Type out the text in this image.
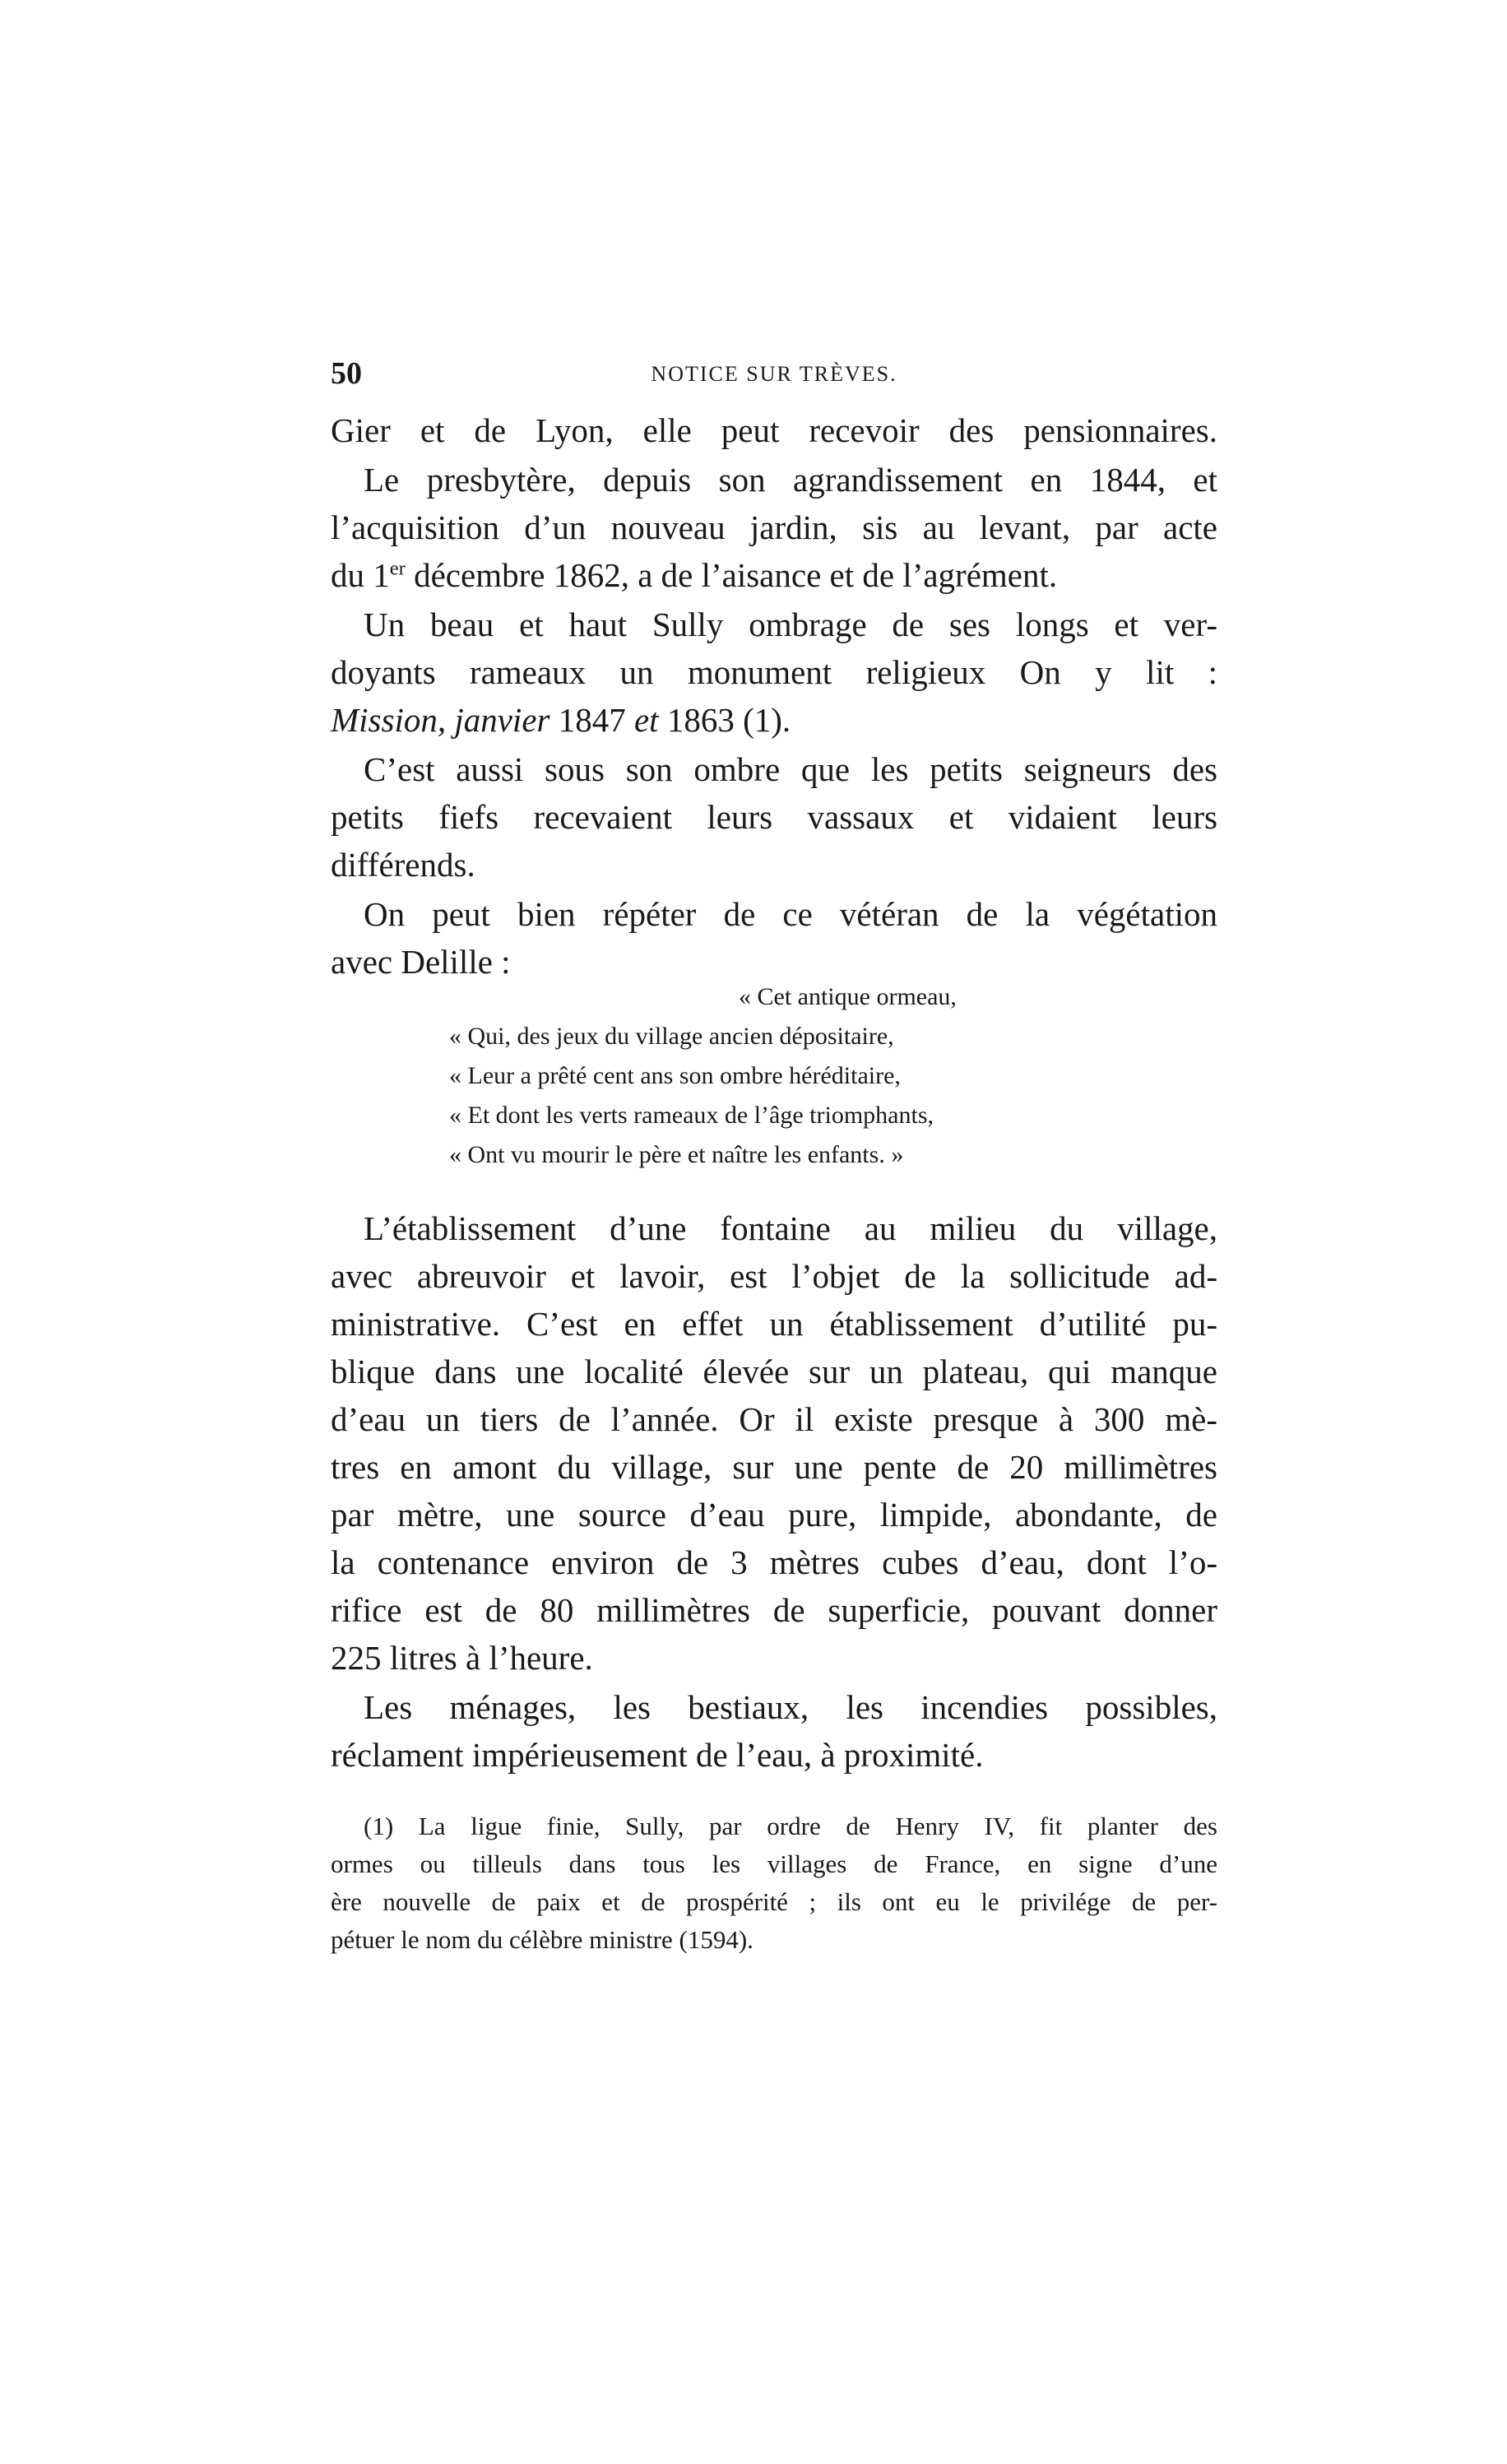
50	NOTICE SUR TRÈVES.
Gier et de Lyon, elle peut recevoir des pensionnaires.
Le presbytère, depuis son agrandissement en 1844, et
l’acquisition d’un nouveau jardin, sis au levant, par acte
du 1er décembre 1862, a de l’aisance et de l’agrément.
Un beau et haut Sully ombrage de ses longs et ver-
doyants rameaux un monument religieux On y lit :
Mission, janvier 1847 et 1863 (1).
C’est aussi sous son ombre que les petits seigneurs des
petits fiefs recevaient leurs vassaux et vidaient leurs
différends.
On peut bien répéter de ce vétéran de la végétation
avec Delille :
« Cet antique ormeau,
« Qui, des jeux du village ancien dépositaire,
« Leur a prêté cent ans son ombre héréditaire,
« Et dont les verts rameaux de l’âge triomphants,
« Ont vu mourir le père et naître les enfants. »
L’établissement d’une fontaine au milieu du village,
avec abreuvoir et lavoir, est l’objet de la sollicitude ad-
ministrative. C’est en effet un établissement d’utilité pu-
blique dans une localité élevée sur un plateau, qui manque
d’eau un tiers de l’année. Or il existe presque à 300 mè-
tres en amont du village, sur une pente de 20 millimètres
par mètre, une source d’eau pure, limpide, abondante, de
la contenance environ de 3 mètres cubes d’eau, dont l’o-
rifice est de 80 millimètres de superficie, pouvant donner
225 litres à l’heure.
Les ménages, les bestiaux, les incendies possibles,
réclament impérieusement de l’eau, à proximité.
(1) La ligue finie, Sully, par ordre de Henry IV, fit planter des
ormes ou tilleuls dans tous les villages de France, en signe d’une
ère nouvelle de paix et de prospérité ; ils ont eu le privilége de per-
pétuer le nom du célèbre ministre (1594).
